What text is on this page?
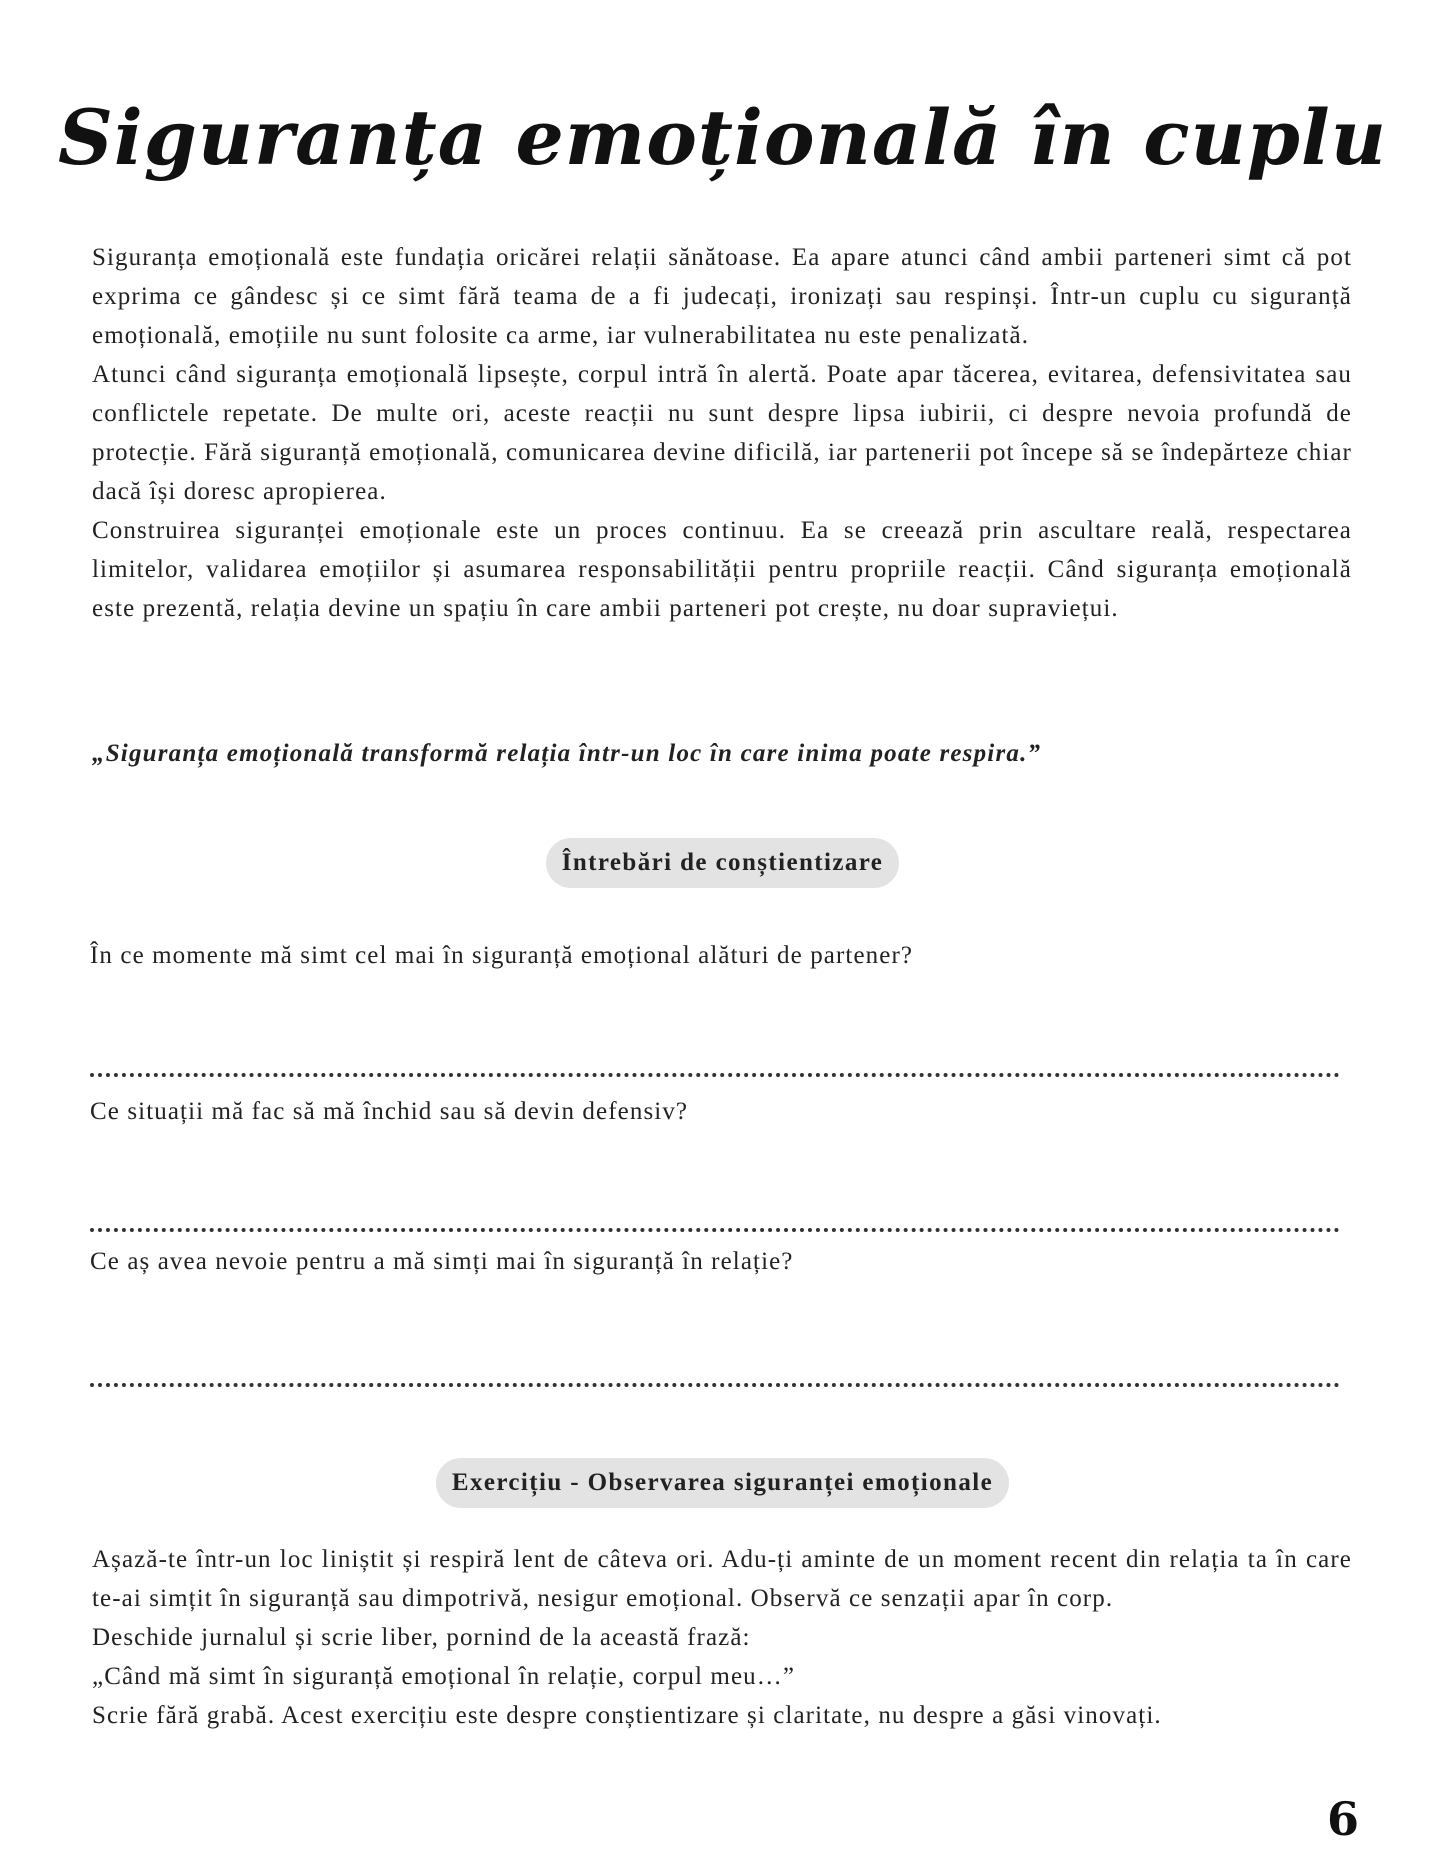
Siguranța emoțională în cuplu

Siguranța emoțională este fundația oricărei relații sănătoase. Ea apare atunci când ambii parteneri simt că pot exprima ce gândesc și ce simt fără teama de a fi judecați, ironizați sau respinși. Într-un cuplu cu siguranță emoțională, emoțiile nu sunt folosite ca arme, iar vulnerabilitatea nu este penalizată.

Atunci când siguranța emoțională lipsește, corpul intră în alertă. Poate apar tăcerea, evitarea, defensivitatea sau conflictele repetate. De multe ori, aceste reacții nu sunt despre lipsa iubirii, ci despre nevoia profundă de protecție. Fără siguranță emoțională, comunicarea devine dificilă, iar partenerii pot începe să se îndepărteze chiar dacă își doresc apropierea.

Construirea siguranței emoționale este un proces continuu. Ea se creează prin ascultare reală, respectarea limitelor, validarea emoțiilor și asumarea responsabilității pentru propriile reacții. Când siguranța emoțională este prezentă, relația devine un spațiu în care ambii parteneri pot crește, nu doar supraviețui.

„Siguranța emoțională transformă relația într-un loc în care inima poate respira.”
Întrebări de conștientizare
În ce momente mă simt cel mai în siguranță emoțional alături de partener?
Ce situații mă fac să mă închid sau să devin defensiv?
Ce aș avea nevoie pentru a mă simți mai în siguranță în relație?
Exercițiu - Observarea siguranței emoționale

Așază-te într-un loc liniștit și respiră lent de câteva ori. Adu-ți aminte de un moment recent din relația ta în care te-ai simțit în siguranță sau dimpotrivă, nesigur emoțional. Observă ce senzații apar în corp.

Deschide jurnalul și scrie liber, pornind de la această frază:

„Când mă simt în siguranță emoțional în relație, corpul meu…”

Scrie fără grabă. Acest exercițiu este despre conștientizare și claritate, nu despre a găsi vinovați.

6
